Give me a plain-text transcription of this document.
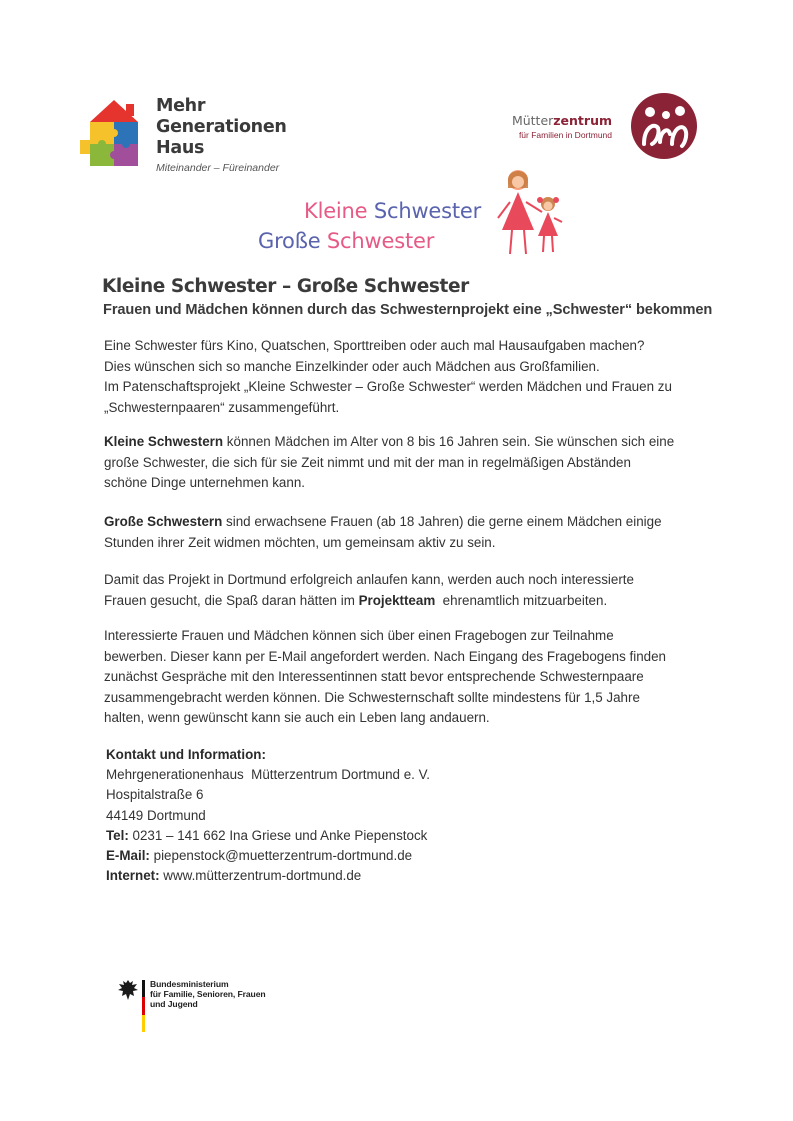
Mehr
Generationen
Haus
Miteinander – Füreinander
Mütterzentrum
für Familien in Dortmund
Kleine Schwester
Große Schwester
Kleine Schwester – Große Schwester
Frauen und Mädchen können durch das Schwesternprojekt eine „Schwester“ bekommen
Eine Schwester fürs Kino, Quatschen, Sporttreiben oder auch mal Hausaufgaben machen?
Dies wünschen sich so manche Einzelkinder oder auch Mädchen aus Großfamilien.
Im Patenschaftsprojekt „Kleine Schwester – Große Schwester“ werden Mädchen und Frauen zu
„Schwesternpaaren“ zusammengeführt.
Kleine Schwestern können Mädchen im Alter von 8 bis 16 Jahren sein. Sie wünschen sich eine
große Schwester, die sich für sie Zeit nimmt und mit der man in regelmäßigen Abständen
schöne Dinge unternehmen kann.
Große Schwestern sind erwachsene Frauen (ab 18 Jahren) die gerne einem Mädchen einige
Stunden ihrer Zeit widmen möchten, um gemeinsam aktiv zu sein.
Damit das Projekt in Dortmund erfolgreich anlaufen kann, werden auch noch interessierte
Frauen gesucht, die Spaß daran hätten im Projektteam  ehrenamtlich mitzuarbeiten.
Interessierte Frauen und Mädchen können sich über einen Fragebogen zur Teilnahme
bewerben. Dieser kann per E-Mail angefordert werden. Nach Eingang des Fragebogens finden
zunächst Gespräche mit den Interessentinnen statt bevor entsprechende Schwesternpaare
zusammengebracht werden können. Die Schwesternschaft sollte mindestens für 1,5 Jahre
halten, wenn gewünscht kann sie auch ein Leben lang andauern.
Kontakt und Information:
Mehrgenerationenhaus  Mütterzentrum Dortmund e. V.
Hospitalstraße 6
44149 Dortmund
Tel: 0231 – 141 662 Ina Griese und Anke Piepenstock
E-Mail: piepenstock@muetterzentrum-dortmund.de
Internet: www.mütterzentrum-dortmund.de
Bundesministerium
für Familie, Senioren, Frauen
und Jugend
